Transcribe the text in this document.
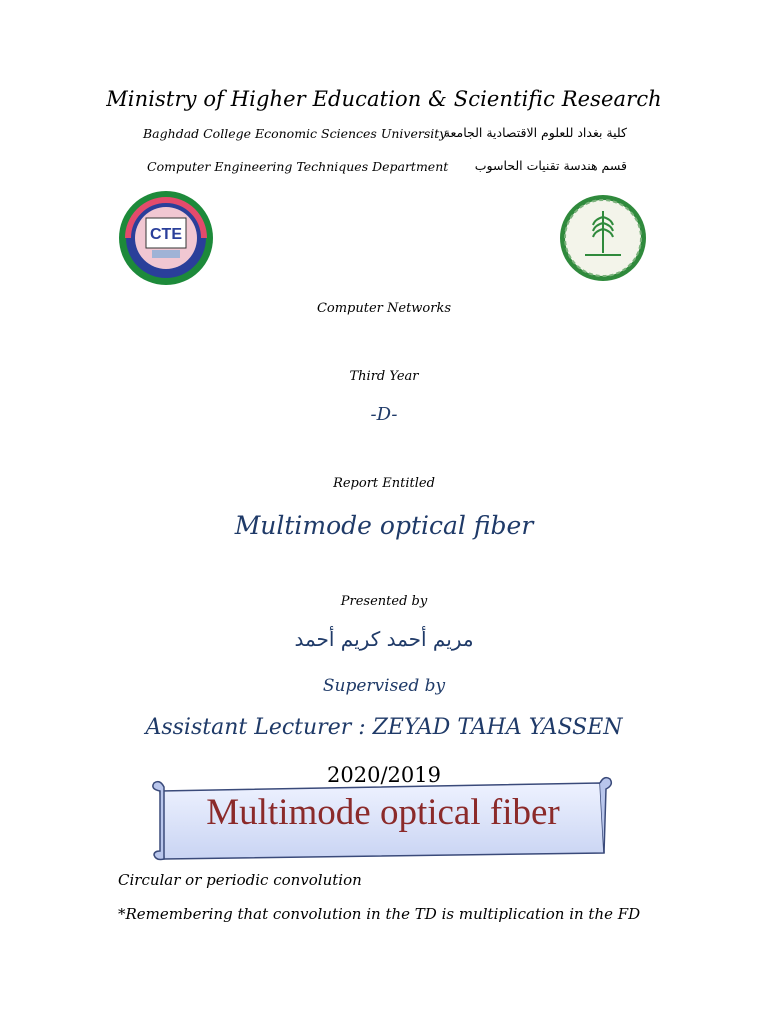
Ministry of Higher Education & Scientific Research
Baghdad College Economic Sciences University
كلية بغداد للعلوم الاقتصادية الجامعة
Computer Engineering Techniques Department	قسم هندسة تقنيات الحاسوب
CTE
Computer Networks
Third Year
-D-
Report Entitled
Multimode optical fiber
Presented by
مريم أحمد كريم أحمد
Supervised by
Assistant Lecturer : ZEYAD TAHA YASSEN
2020/2019
Multimode optical fiber
Circular or periodic convolution
*Remembering that convolution in the TD is multiplication in the FD
